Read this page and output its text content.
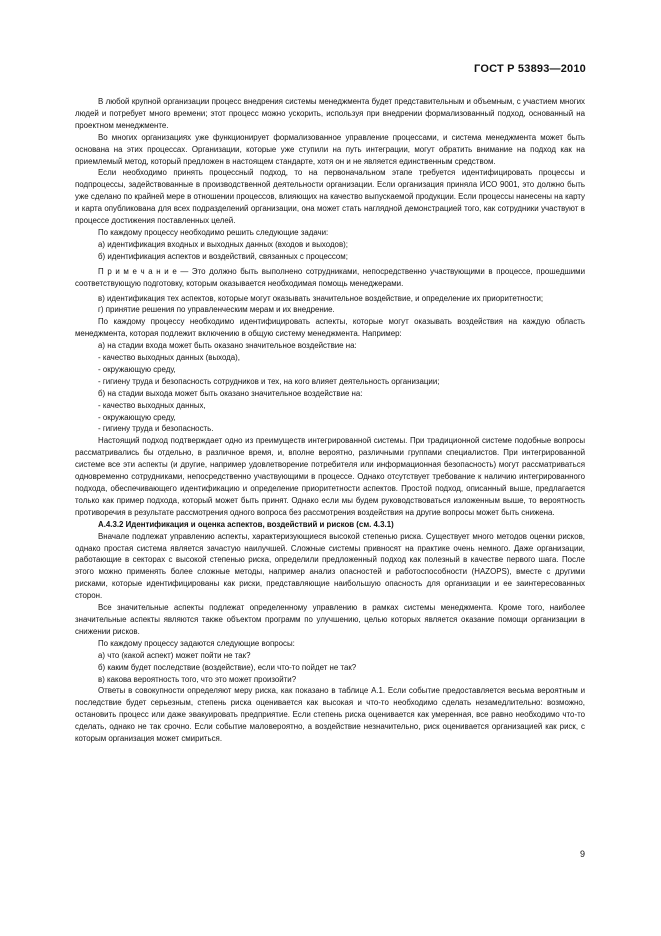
ГОСТ Р 53893—2010

В любой крупной организации процесс внедрения системы менеджмента будет представительным и объемным, с участием многих людей и потребует много времени; этот процесс можно ускорить, используя при внедрении формализованный подход, основанный на проектном менеджменте.

Во многих организациях уже функционирует формализованное управление процессами, и система менеджмента может быть основана на этих процессах. Организации, которые уже ступили на путь интеграции, могут обратить внимание на подход как на приемлемый метод, который предложен в настоящем стандарте, хотя он и не является единственным средством.

Если необходимо принять процессный подход, то на первоначальном этапе требуется идентифицировать процессы и подпроцессы, задействованные в производственной деятельности организации. Если организация приняла ИСО 9001, это должно быть уже сделано по крайней мере в отношении процессов, влияющих на качество выпускаемой продукции. Если процессы нанесены на карту и карта опубликована для всех подразделений организации, она может стать наглядной демонстрацией того, как сотрудники участвуют в процессе достижения поставленных целей.

По каждому процессу необходимо решить следующие задачи:

а) идентификация входных и выходных данных (входов и выходов);

б) идентификация аспектов и воздействий, связанных с процессом;

П р и м е ч а н и е — Это должно быть выполнено сотрудниками, непосредственно участвующими в процессе, прошедшими соответствующую подготовку, которым оказывается необходимая помощь менеджерами.

в) идентификация тех аспектов, которые могут оказывать значительное воздействие, и определение их приоритетности;

г) принятие решения по управленческим мерам и их внедрение.

По каждому процессу необходимо идентифицировать аспекты, которые могут оказывать воздействия на каждую область менеджмента, которая подлежит включению в общую систему менеджмента. Например:

а) на стадии входа может быть оказано значительное воздействие на:

- качество выходных данных (выхода),

- окружающую среду,

- гигиену труда и безопасность сотрудников и тех, на кого влияет деятельность организации;

б) на стадии выхода может быть оказано значительное воздействие на:

- качество выходных данных,

- окружающую среду,

- гигиену труда и безопасность.

Настоящий подход подтверждает одно из преимуществ интегрированной системы. При традиционной системе подобные вопросы рассматривались бы отдельно, в различное время, и, вполне вероятно, различными группами специалистов. При интегрированной системе все эти аспекты (и другие, например удовлетворение потребителя или информационная безопасность) могут рассматриваться одновременно сотрудниками, непосредственно участвующими в процессе. Однако отсутствует требование к наличию интегрированного подхода, обеспечивающего идентификацию и определение приоритетности аспектов. Простой подход, описанный выше, предлагается только как пример подхода, который может быть принят. Однако если мы будем руководствоваться изложенным выше, то вероятность противоречия в результате рассмотрения одного вопроса без рассмотрения воздействия на другие вопросы может быть снижена.

А.4.3.2 Идентификация и оценка аспектов, воздействий и рисков (см. 4.3.1)

Вначале подлежат управлению аспекты, характеризующиеся высокой степенью риска. Существует много методов оценки рисков, однако простая система является зачастую наилучшей. Сложные системы привносят на практике очень немного. Даже организации, работающие в секторах с высокой степенью риска, определили предложенный подход как полезный в качестве первого шага. После этого можно применять более сложные методы, например анализ опасностей и работоспособности (HAZOPS), вместе с другими рисками, которые идентифицированы как риски, представляющие наибольшую опасность для организации и ее заинтересованных сторон.

Все значительные аспекты подлежат определенному управлению в рамках системы менеджмента. Кроме того, наиболее значительные аспекты являются также объектом программ по улучшению, целью которых является оказание помощи организации в снижении рисков.

По каждому процессу задаются следующие вопросы:

а) что (какой аспект) может пойти не так?

б) каким будет последствие (воздействие), если что-то пойдет не так?

в) какова вероятность того, что это может произойти?

Ответы в совокупности определяют меру риска, как показано в таблице А.1. Если событие предоставляется весьма вероятным и последствие будет серьезным, степень риска оценивается как высокая и что-то необходимо сделать незамедлительно: возможно, остановить процесс или даже эвакуировать предприятие. Если степень риска оценивается как умеренная, все равно необходимо что-то сделать, однако не так срочно. Если событие маловероятно, а воздействие незначительно, риск оценивается организацией как риск, с которым организация может смириться.

9
